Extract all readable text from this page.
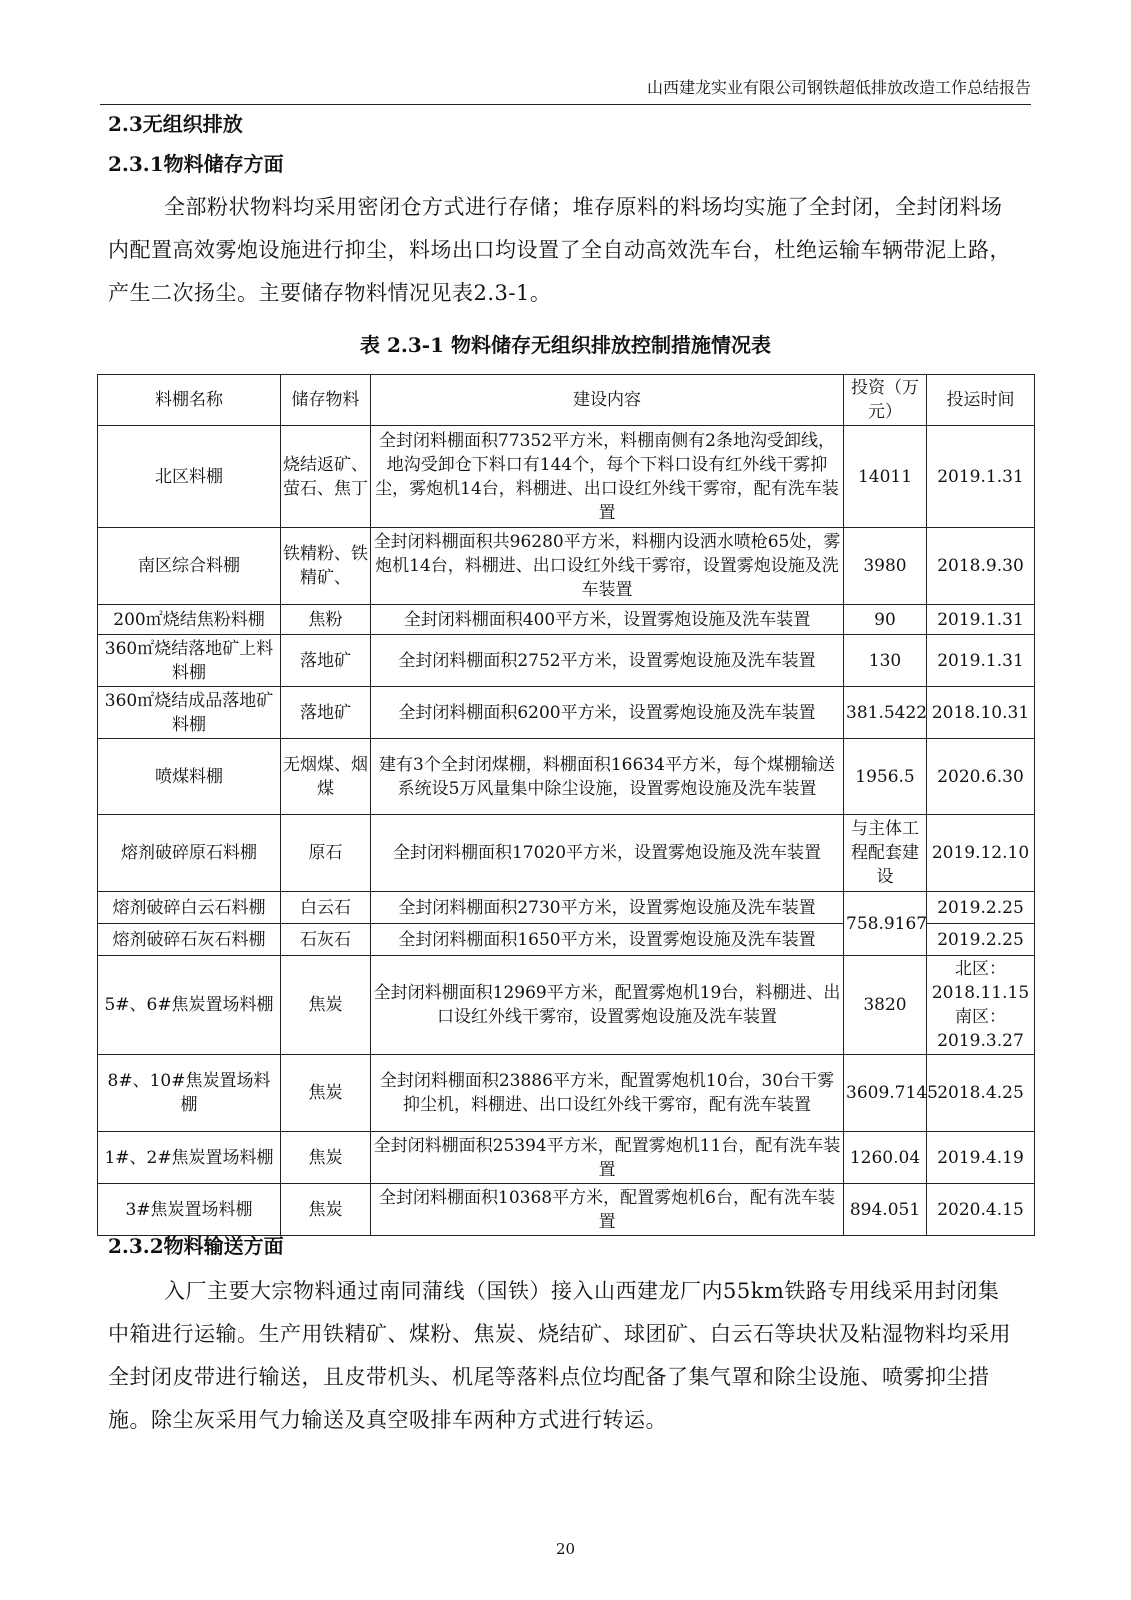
山西建龙实业有限公司钢铁超低排放改造工作总结报告
2.3无组织排放
2.3.1物料储存方面
全部粉状物料均采用密闭仓方式进行存储；堆存原料的料场均实施了全封闭，全封闭料场内配置高效雾炮设施进行抑尘，料场出口均设置了全自动高效洗车台，杜绝运输车辆带泥上路，产生二次扬尘。主要储存物料情况见表2.3-1。
表 2.3-1 物料储存无组织排放控制措施情况表
料棚名称	储存物料	建设内容	投资（万元）	投运时间
北区料棚	烧结返矿、萤石、焦丁	全封闭料棚面积77352平方米，料棚南侧有2条地沟受卸线，地沟受卸仓下料口有144个，每个下料口设有红外线干雾抑尘，雾炮机14台，料棚进、出口设红外线干雾帘，配有洗车装置	14011	2019.1.31
南区综合料棚	铁精粉、铁精矿、	全封闭料棚面积共96280平方米，料棚内设洒水喷枪65处，雾炮机14台，料棚进、出口设红外线干雾帘，设置雾炮设施及洗车装置	3980	2018.9.30
200㎡烧结焦粉料棚	焦粉	全封闭料棚面积400平方米，设置雾炮设施及洗车装置	90	2019.1.31
360㎡烧结落地矿上料料棚	落地矿	全封闭料棚面积2752平方米，设置雾炮设施及洗车装置	130	2019.1.31
360㎡烧结成品落地矿料棚	落地矿	全封闭料棚面积6200平方米，设置雾炮设施及洗车装置	381.5422	2018.10.31
喷煤料棚	无烟煤、烟煤	建有3个全封闭煤棚，料棚面积16634平方米，每个煤棚输送系统设5万风量集中除尘设施，设置雾炮设施及洗车装置	1956.5	2020.6.30
熔剂破碎原石料棚	原石	全封闭料棚面积17020平方米，设置雾炮设施及洗车装置	与主体工程配套建设	2019.12.10
熔剂破碎白云石料棚	白云石	全封闭料棚面积2730平方米，设置雾炮设施及洗车装置	758.9167	2019.2.25
熔剂破碎石灰石料棚	石灰石	全封闭料棚面积1650平方米，设置雾炮设施及洗车装置		2019.2.25
5#、6#焦炭置场料棚	焦炭	全封闭料棚面积12969平方米，配置雾炮机19台，料棚进、出口设红外线干雾帘，设置雾炮设施及洗车装置	3820	北区：2018.11.15南区：2019.3.27
8#、10#焦炭置场料棚	焦炭	全封闭料棚面积23886平方米，配置雾炮机10台，30台干雾抑尘机，料棚进、出口设红外线干雾帘，配有洗车装置	3609.7145	2018.4.25
1#、2#焦炭置场料棚	焦炭	全封闭料棚面积25394平方米，配置雾炮机11台，配有洗车装置	1260.04	2019.4.19
3#焦炭置场料棚	焦炭	全封闭料棚面积10368平方米，配置雾炮机6台，配有洗车装置	894.051	2020.4.15
2.3.2物料输送方面
入厂主要大宗物料通过南同蒲线（国铁）接入山西建龙厂内55km铁路专用线采用封闭集中箱进行运输。生产用铁精矿、煤粉、焦炭、烧结矿、球团矿、白云石等块状及粘湿物料均采用全封闭皮带进行输送，且皮带机头、机尾等落料点位均配备了集气罩和除尘设施、喷雾抑尘措施。除尘灰采用气力输送及真空吸排车两种方式进行转运。
20
